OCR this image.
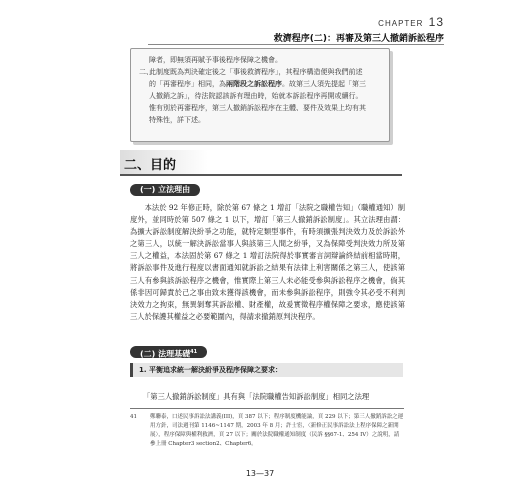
CHAPTER 13
救濟程序(二)：再審及第三人撤銷訴訟程序

障者，即無須再賦予事後程序保障之機會。

二、

此制度既為判決確定後之「事後救濟程序」，其程序構造便與我們前述

的「再審程序」相同，為兩階段之訴訟程序。故第三人須先提起「第三

人撤銷之訴」，待法院認該訴有理由時，始就本訴訟程序再開或續行。

惟有別於再審程序，第三人撤銷訴訟程序在主體、要件及效果上均有其

特殊性，詳下述。

二、目的
(一) 立法理由

本法於 92 年修正時，除於第 67 條之 1 增訂「法院之職權告知」（職權通知）制度外，並同時於第 507 條之 1 以下，增訂「第三人撤銷訴訟制度」。其立法理由謂：為擴大訴訟制度解決紛爭之功能，就特定類型事件，有時須擴張判決效力及於訴訟外之第三人，以統一解決訴訟當事人與該第三人間之紛爭，又為保障受判決效力所及第三人之權益，本法固於第 67 條之 1 增訂法院得於事實審言詞辯論終結前相當時期，將訴訟事件及進行程度以書面通知就訴訟之結果有法律上利害關係之第三人，使該第三人有參與該訴訟程序之機會，惟實際上第三人未必能受參與訴訟程序之機會，倘其係非因可歸責於己之事由致未獲得該機會，而未參與訴訟程序，則強令其必受不利判決效力之拘束，無異剝奪其訴訟權、財產權，故爰實徵程序權保障之要求，應使該第三人於保護其權益之必要範圍內，得請求撤銷原判決程序。

(二) 法理基礎$^{41}$
1. 平衡追求統一解決紛爭及程序保障之要求：
「第三人撤銷訴訟制度」具有與「法院職權告知訴訟制度」相同之法理
41	鄭聯泰，口述民事訴訟法講義(III)，頁 387 以下；程序制度機能論，頁 229 以下；第三人撤銷訴訟之運用方針，司法週刊第 1146~1147 期，2003 年 8 月；許士宦，〈新修正民事訴訟法上程序保障之新開展〉，程序保障與權利救濟，頁 27 以下；關於法院職權通知制度（民訴 §§67-1、254 IV）之說明，請參上冊 Chapter3 section2、Chapter6。
13—37
